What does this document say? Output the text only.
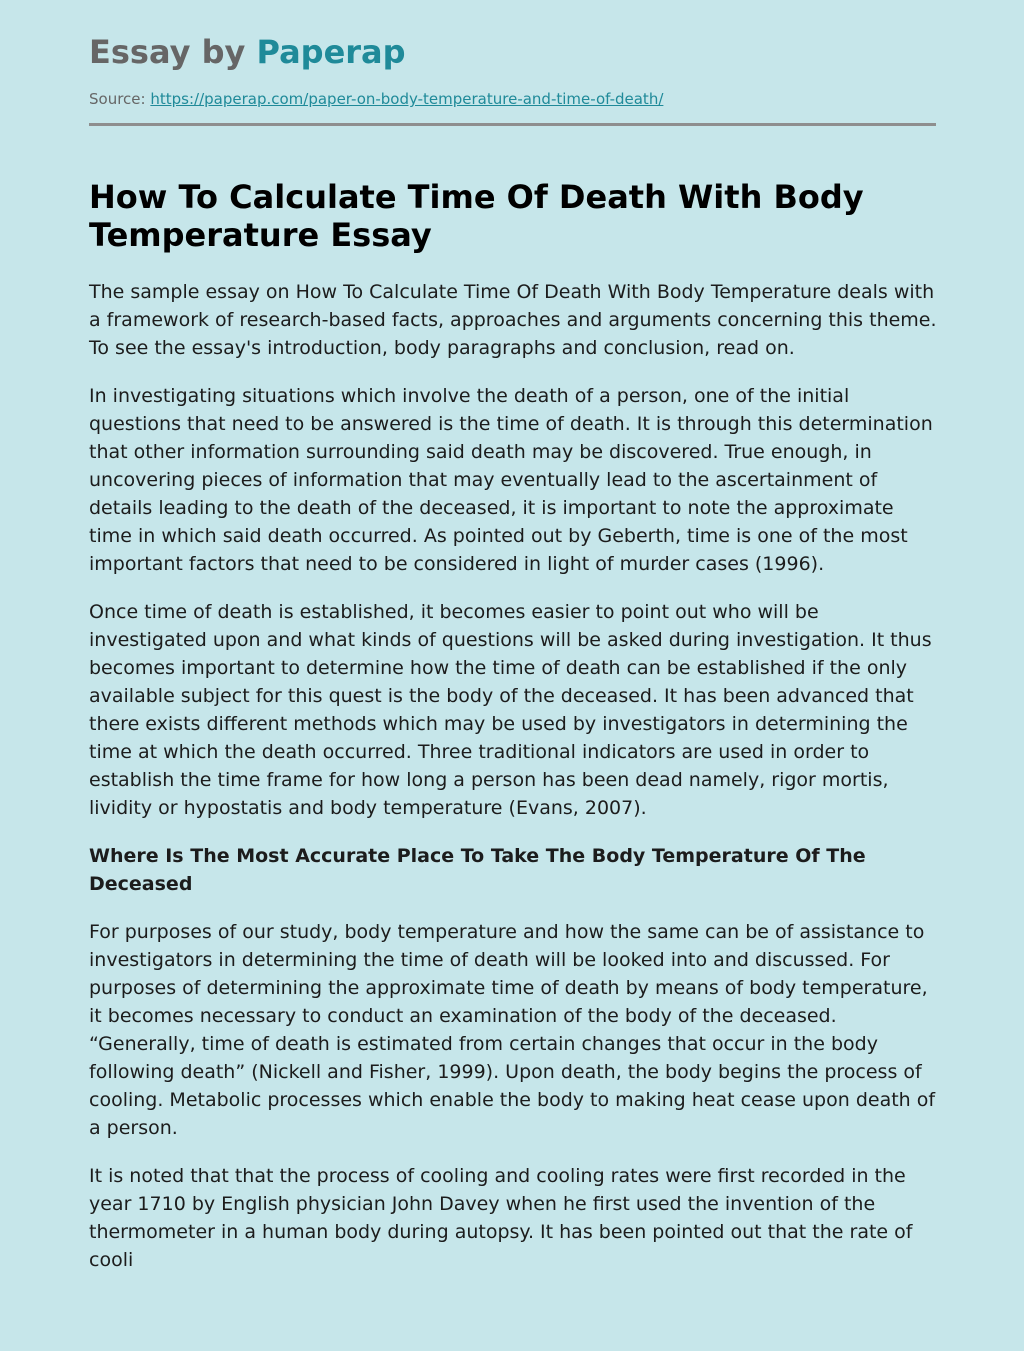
Essay by Paperap
Source: https://paperap.com/paper-on-body-temperature-and-time-of-death/
How To Calculate Time Of Death With Body Temperature Essay

The sample essay on How To Calculate Time Of Death With Body Temperature deals with a framework of research-based facts, approaches and arguments concerning this theme. To see the essay's introduction, body paragraphs and conclusion, read on.

In investigating situations which involve the death of a person, one of the initial questions that need to be answered is the time of death. It is through this determination that other information surrounding said death may be discovered. True enough, in uncovering pieces of information that may eventually lead to the ascertainment of details leading to the death of the deceased, it is important to note the approximate time in which said death occurred. As pointed out by Geberth, time is one of the most important factors that need to be considered in light of murder cases (1996).

Once time of death is established, it becomes easier to point out who will be investigated upon and what kinds of questions will be asked during investigation. It thus becomes important to determine how the time of death can be established if the only available subject for this quest is the body of the deceased. It has been advanced that there exists different methods which may be used by investigators in determining the time at which the death occurred. Three traditional indicators are used in order to establish the time frame for how long a person has been dead namely, rigor mortis, lividity or hypostatis and body temperature (Evans, 2007).

Where Is The Most Accurate Place To Take The Body Temperature Of The Deceased

For purposes of our study, body temperature and how the same can be of assistance to investigators in determining the time of death will be looked into and discussed. For purposes of determining the approximate time of death by means of body temperature, it becomes necessary to conduct an examination of the body of the deceased. “Generally, time of death is estimated from certain changes that occur in the body following death” (Nickell and Fisher, 1999). Upon death, the body begins the process of cooling. Metabolic processes which enable the body to making heat cease upon death of a person.

It is noted that that the process of cooling and cooling rates were first recorded in the year 1710 by English physician John Davey when he first used the invention of the thermometer in a human body during autopsy. It has been pointed out that the rate of cooli
